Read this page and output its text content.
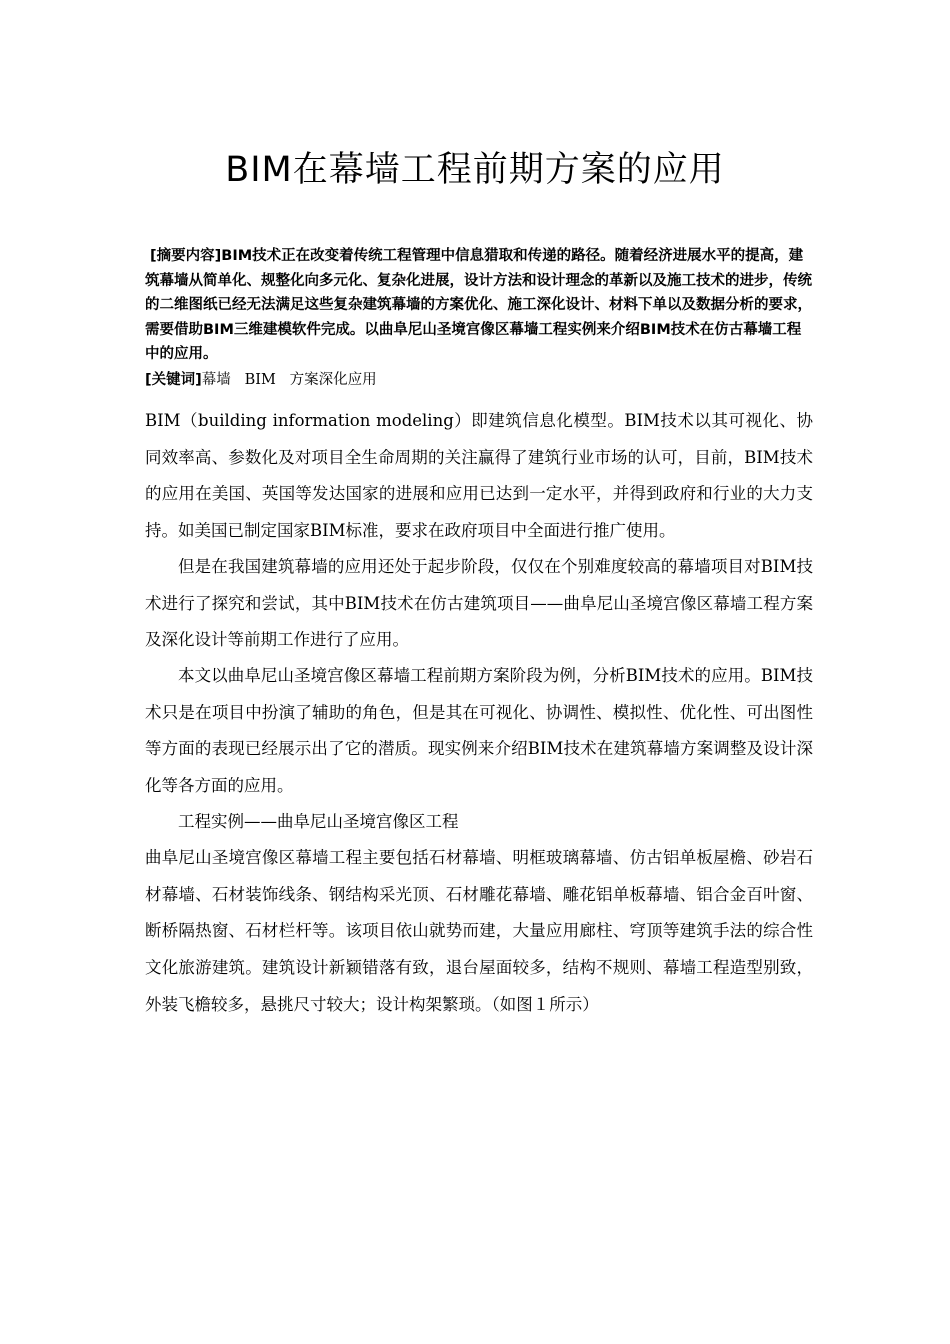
BIM在幕墙工程前期方案的应用

[摘要内容]BIM技术正在改变着传统工程管理中信息猎取和传递的路径。随着经济进展水平的提高，建筑幕墙从简单化、规整化向多元化、复杂化进展，设计方法和设计理念的革新以及施工技术的进步，传统的二维图纸已经无法满足这些复杂建筑幕墙的方案优化、施工深化设计、材料下单以及数据分析的要求，需要借助BIM三维建模软件完成。以曲阜尼山圣境宫像区幕墙工程实例来介绍BIM技术在仿古幕墙工程中的应用。

[关键词]幕墙   BIM   方案深化应用

BIM（building information modeling）即建筑信息化模型。BIM技术以其可视化、协同效率高、参数化及对项目全生命周期的关注赢得了建筑行业市场的认可，目前，BIM技术的应用在美国、英国等发达国家的进展和应用已达到一定水平，并得到政府和行业的大力支持。如美国已制定国家BIM标准，要求在政府项目中全面进行推广使用。

但是在我国建筑幕墙的应用还处于起步阶段，仅仅在个别难度较高的幕墙项目对BIM技术进行了探究和尝试，其中BIM技术在仿古建筑项目——曲阜尼山圣境宫像区幕墙工程方案及深化设计等前期工作进行了应用。

本文以曲阜尼山圣境宫像区幕墙工程前期方案阶段为例，分析BIM技术的应用。BIM技术只是在项目中扮演了辅助的角色，但是其在可视化、协调性、模拟性、优化性、可出图性等方面的表现已经展示出了它的潜质。现实例来介绍BIM技术在建筑幕墙方案调整及设计深化等各方面的应用。

工程实例——曲阜尼山圣境宫像区工程

曲阜尼山圣境宫像区幕墙工程主要包括石材幕墙、明框玻璃幕墙、仿古铝单板屋檐、砂岩石材幕墙、石材装饰线条、钢结构采光顶、石材雕花幕墙、雕花铝单板幕墙、铝合金百叶窗、断桥隔热窗、石材栏杆等。该项目依山就势而建，大量应用廊柱、穹顶等建筑手法的综合性文化旅游建筑。建筑设计新颖错落有致，退台屋面较多，结构不规则、幕墙工程造型别致，外装飞檐较多，悬挑尺寸较大；设计构架繁琐。（如图１所示）
